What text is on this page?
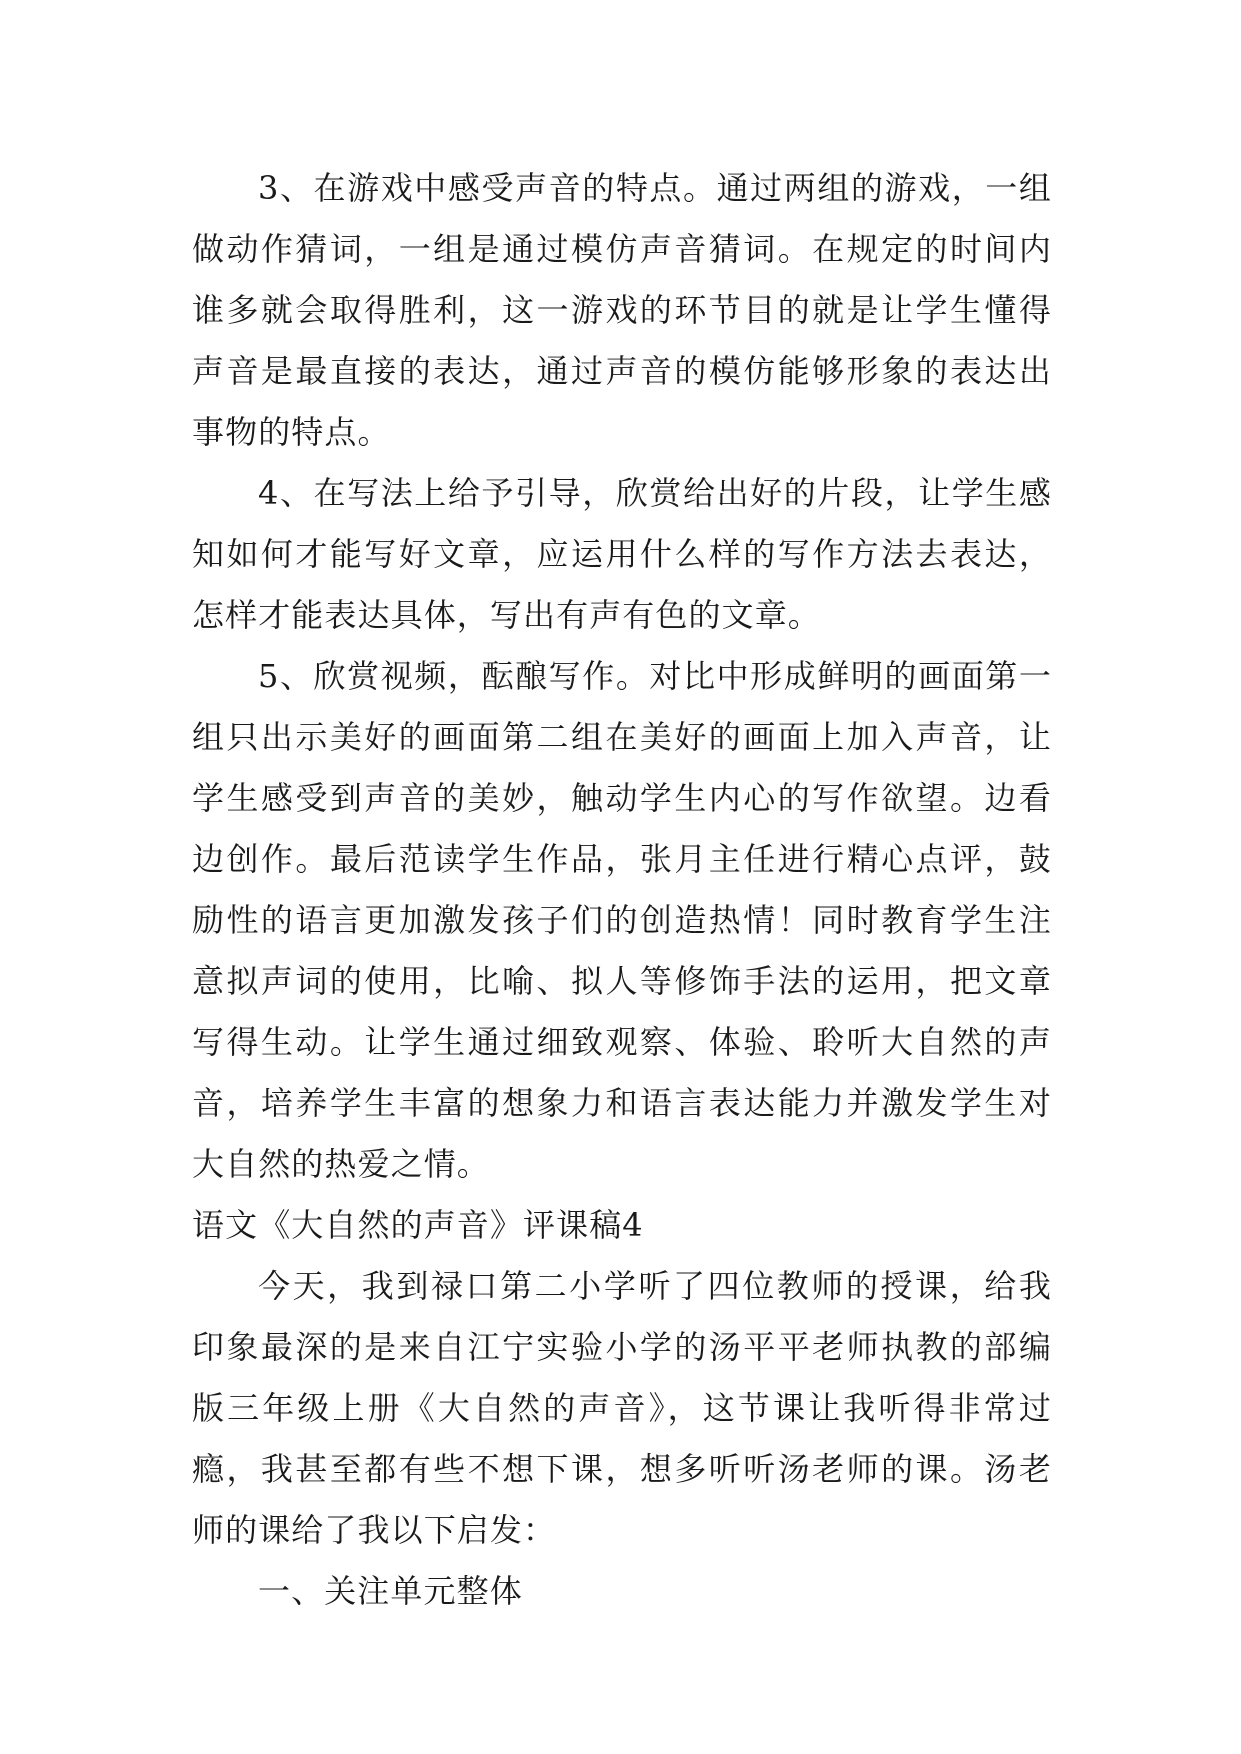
3、在游戏中感受声音的特点。通过两组的游戏，一组做动作猜词，一组是通过模仿声音猜词。在规定的时间内谁多就会取得胜利，这一游戏的环节目的就是让学生懂得声音是最直接的表达，通过声音的模仿能够形象的表达出事物的特点。

4、在写法上给予引导，欣赏给出好的片段，让学生感知如何才能写好文章，应运用什么样的写作方法去表达，怎样才能表达具体，写出有声有色的文章。

5、欣赏视频，酝酿写作。对比中形成鲜明的画面第一组只出示美好的画面第二组在美好的画面上加入声音，让学生感受到声音的美妙，触动学生内心的写作欲望。边看边创作。最后范读学生作品，张月主任进行精心点评，鼓励性的语言更加激发孩子们的创造热情！同时教育学生注意拟声词的使用，比喻、拟人等修饰手法的运用，把文章写得生动。让学生通过细致观察、体验、聆听大自然的声音，培养学生丰富的想象力和语言表达能力并激发学生对大自然的热爱之情。

语文《大自然的声音》评课稿4

今天，我到禄口第二小学听了四位教师的授课，给我印象最深的是来自江宁实验小学的汤平平老师执教的部编版三年级上册《大自然的声音》，这节课让我听得非常过瘾，我甚至都有些不想下课，想多听听汤老师的课。汤老师的课给了我以下启发：

一、关注单元整体
